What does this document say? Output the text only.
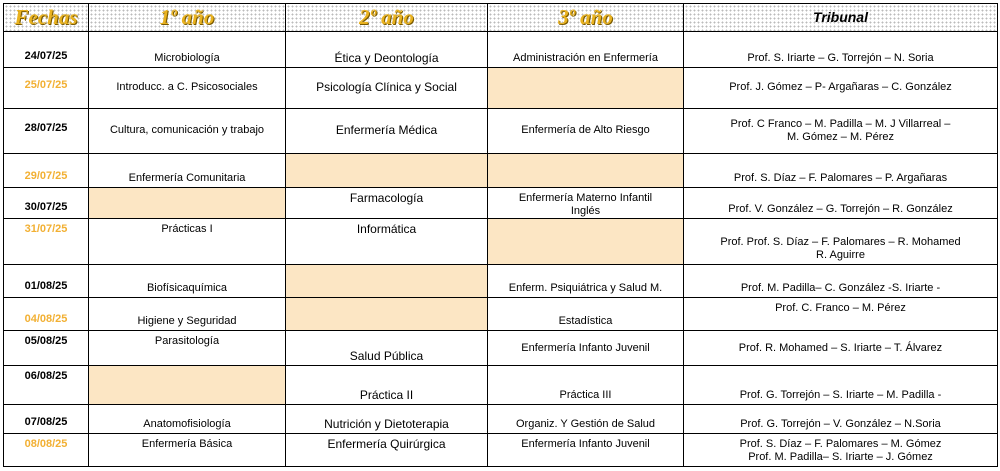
Fechas	1º año	2º año	3º año	Tribunal
24/07/25	Microbiología	Ética y Deontología	Administración en Enfermería	Prof. S. Iriarte – G. Torrejón – N. Soria
25/07/25	Introducc. a C. Psicosociales	Psicología Clínica y Social		Prof. J. Gómez – P- Argañaras – C. González
28/07/25	Cultura, comunicación y trabajo	Enfermería Médica	Enfermería de Alto Riesgo	Prof. C Franco – M. Padilla – M. J Villarreal –
M. Gómez – M. Pérez

29/07/25	Enfermería Comunitaria			Prof. S. Díaz – F. Palomares – P. Argañaras
30/07/25		Farmacología	Enfermería Materno Infantil
Inglés	Prof. V. González – G. Torrejón – R. González
31/07/25	Prácticas I	Informática		Prof. Prof. S. Díaz – F. Palomares – R. Mohamed
R. Aguirre

01/08/25	Biofísicaquímica		Enferm. Psiquiátrica y Salud M.	Prof. M. Padilla– C. González -S. Iriarte -
04/08/25	Higiene y Seguridad		Estadística	Prof. C. Franco – M. Pérez
05/08/25	Parasitología	Salud Pública	Enfermería Infanto Juvenil	Prof. R. Mohamed – S. Iriarte – T. Álvarez
06/08/25		Práctica II	Práctica III	Prof. G. Torrejón – S. Iriarte – M. Padilla -
07/08/25	Anatomofisiología	Nutrición y Dietoterapia	Organiz. Y Gestión de Salud	Prof. G. Torrejón – V. González – N.Soria
08/08/25	Enfermería Básica	Enfermería Quirúrgica	Enfermería Infanto Juvenil	Prof. S. Díaz – F. Palomares – M. Gómez
Prof. M. Padilla– S. Iriarte – J. Gómez
